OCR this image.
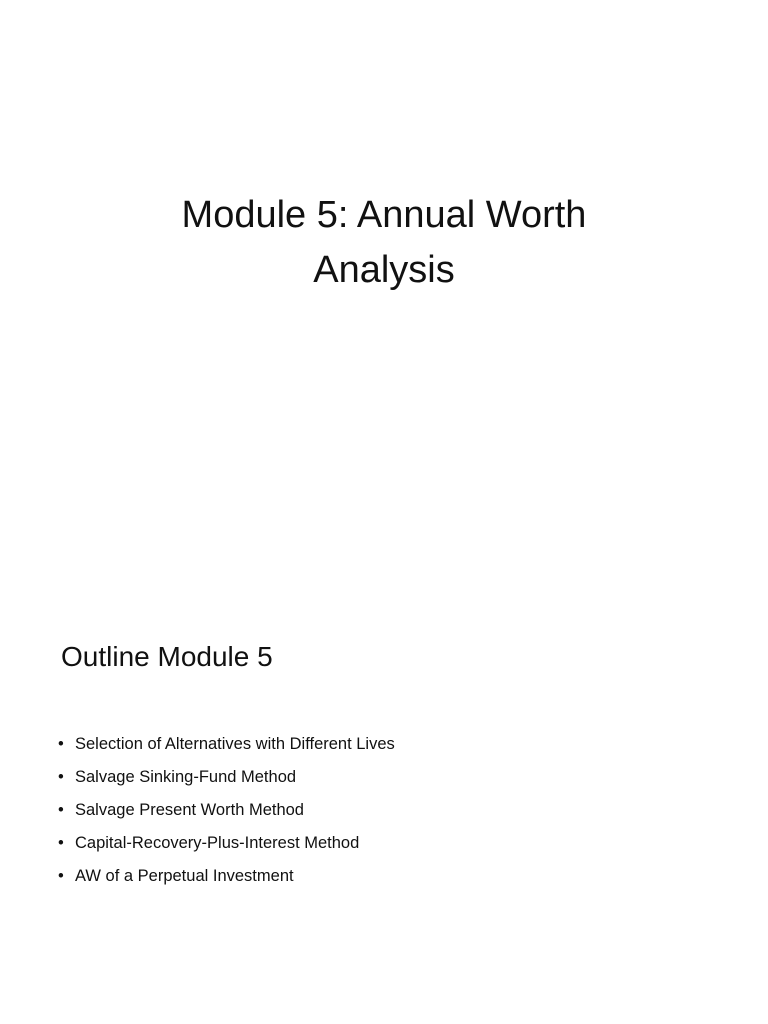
Module 5: Annual Worth
Analysis
Outline Module 5
• Selection of Alternatives with Different Lives
• Salvage Sinking-Fund Method
• Salvage Present Worth Method
• Capital-Recovery-Plus-Interest Method
• AW of a Perpetual Investment
